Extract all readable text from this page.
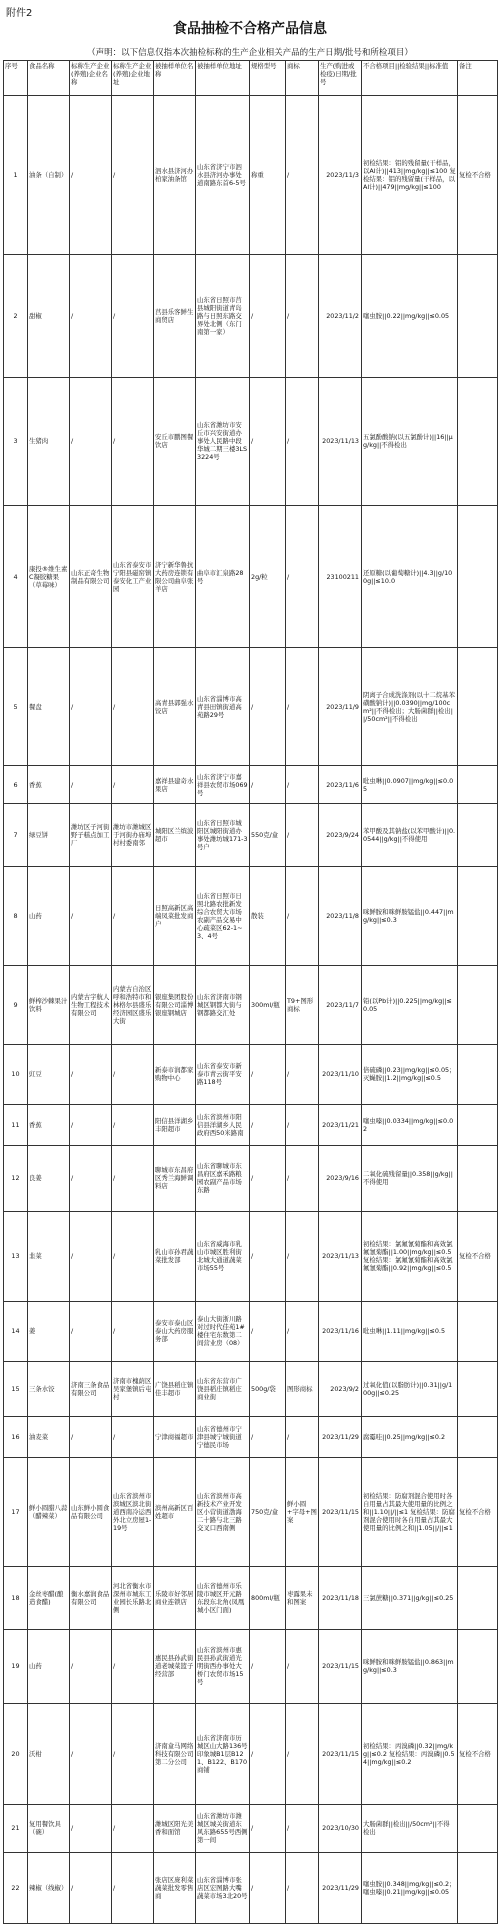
附件2
食品抽检不合格产品信息
（声明：以下信息仅指本次抽检标称的生产企业相关产品的生产日期/批号和所检项目）
序号	食品名称	标称生产企业(养殖)企业名称	标称生产企业(养殖)企业地址	被抽样单位名称	被抽样单位地址	规格型号	商标	生产(购进或检疫)日期/批号	不合格项目||检验结果||标准值	备注
1	油条（自制）	/	/	泗水县济河办柏家油条馆	山东省济宁市泗水县济河办事处道南路东首6-5号	称重	/	2023/11/3	初检结果：铝的残留量(干样品，以Al计)||413||mg/kg||≤100 复检结果：铝的残留量(干样品，以Al计)||479||mg/kg||≤100	复检不合格
2	甜椒	/	/	莒县乐客鲜生商贸店	山东省日照市莒县城阳街道青岛路与日照东路交界处北侧（东门南第一家）	/	/	2023/11/2	噻虫胺||0.22||mg/kg||≤0.05	
3	生猪肉	/	/	安丘市鹏图餐饮店	山东省潍坊市安丘市兴安街道办事处人民路中段华城二期三楼3LS3224号	/	/	2023/11/13	五氯酚酸钠(以五氯酚计)||16||μg/kg||不得检出	
4	康投®维生素C凝胶糖果（草莓味）	山东正奇生物制品有限公司	山东省泰安市宁阳县磁窑镇泰安化工产业园	济宁新华鲁抗大药房连锁有限公司曲阜张羊店	曲阜市汇泉路28号	2g/粒	/	23100211	还原糖(以葡萄糖计)||4.3||g/100g||≤10.0	
5	餐盘	/	/	高青县郭强水饺店	山东省淄博市高青县田镇街道高苑路29号	/	/	2023/11/9	阴离子合成洗涤剂(以十二烷基苯磺酸钠计)||0.0390||mg/100cm²||不得检出；大肠菌群||检出||/50cm²||不得检出	
6	香蕉	/	/	嘉祥县建奇水果店	山东省济宁市嘉祥县农贸市场069号	/	/	2023/11/6	吡虫啉||0.0907||mg/kg||≤0.05	
7	绿豆饼	潍坊区子河街野子糕点加工厂	潍坊市潍城区于河街办庙埠村村委南邻	城阳区兰缤波超市	山东省日照市城阳区城阳街道办事处潍坊城171-3号户	550克/盒	/	2023/9/24	苯甲酸及其钠盐(以苯甲酸计)||0.0544||g/kg||不得使用	
8	山药	/	/	日照高新区高端凤菜批发商户	山东省日照市日照北路农批新发综合农贸大市场农副产品交易中心疏菜区62-1~3、4号	散装	/	2023/11/8	咪鲜胺和咪鲜胺锰盐||0.447||mg/kg||≤0.3	
9	鲜榨沙棘果汁饮料	内蒙古宇航人生物工程技术有限公司	内蒙古自治区呼和浩特市和林格尔县盛乐经济园区盛乐大街	银座集团股份有限公司淄博银座钢城店	山东省济南市钢城区钢都大街与钢都路交汇处	300ml/瓶	T9+图形商标	2023/11/7	铅(以Pb计)||0.225||mg/kg||≤0.05	
10	豇豆	/	/	新泰市润都家购物中心	山东省泰安市新泰市青云街平安路118号	/	/	2023/11/10	倍硫磷||0.23||mg/kg||≤0.05；灭蝇胺||1.2||mg/kg||≤0.5	
11	香蕉	/	/	阳信县洋湖乡丰阳超市	山东省滨州市阳信县洋湖乡人民政府西50米路南	/	/	2023/11/21	噻虫嗪||0.0334||mg/kg||≤0.02	
12	良姜	/	/	聊城市东昌府区秀兰海鲜调料店	山东省聊城市东昌府区嘉禾路粮园农副产品市场东路	/	/	2023/9/16	二氧化硫残留量||0.358||g/kg||不得使用	
13	韭菜	/	/	乳山市孙君蔬菜批发部	山东省威海市乳山市城区胜利街北城大通道蔬菜市场55号	/	/	2023/11/13	初检结果：氯氟氰菊酯和高效氯氟氰菊酯||1.00||mg/kg||≤0.5 复检结果：氯氟氰菊酯和高效氯氟氰菊酯||0.92||mg/kg||≤0.5	复检不合格
14	姜	/	/	泰安市泰山区泰山大药房服务部	泰山大街浙川路对过时代佳苑1#楼住宅东数第二间营业房（08）	/	/	2023/11/16	吡虫啉||1.11||mg/kg||≤0.5	
15	三条水饺	济南三条食品有限公司	济南市槐荫区吴家堡镇后屯村	广饶县稻庄镇佳丰超市	山东省东营市广饶县稻庄镇稻庄商业街	500g/袋	图形商标	2023/9/2	过氧化值(以脂肪计)||0.31||g/100g||≤0.25	
16	油麦菜	/	/	宁津商福超市	山东省德州市宁津县城宁城街道宁德民市场	/	/	2023/11/29	腐霉哇||0.25||mg/kg||≤0.2	
17	鲜小圆腊八蒜（醋辣菜）	山东鲜小圆食品有限公司	山东省滨州市滨城区滨北街道西南冷运西外北立房屋1-19号	滨州高新区百姓超市	山东省滨州市高新技术产业开发区小营街道渤海二十路与北三路交叉口西南侧	750克/盒	鲜小圆+字母+图案	2023/11/15	初检结果：防腐剂混合使用时各自用量占其最大使用量的比例之和||1.10||/||≤1 复检结果：防腐剂混合使用时各自用量占其最大使用量的比例之和||1.05||/||≤1	复检不合格
18	金丝枣醋(酿造食醋)	衡水嘉润食品有限公司	河北省衡水市深州市城东工业园长乐路北侧	乐陵市好邻居商业连锁店	山东省德州市乐陵市城区开元路东段东北角(凤凰城小区门面)	800ml/瓶	枣露果未和图案	2023/11/18	三氯蔗糖||0.371||g/kg||≤0.25	
19	山药	/	/	惠民县孙武街道老城菜篮子经营部	山东省滨州市惠民县孙武街道光明街西办事处大桥门农贸市场15号	/	/	2023/11/15	咪鲜胺和咪鲜胺锰盐||0.863||mg/kg||≤0.3	
20	沃柑	/	/	济南盒马网络科技有限公司第二分公司	山东省济南市历城区山大路136号印象城B1层B121、B122、B170商铺	/	/	2023/11/15	初检结果：丙溴磷||0.32||mg/kg||≤0.2 复检结果：丙溴磷||0.54||mg/kg||≤0.2	复检不合格
21	复用餐饮具（碗）	/	/	潍城区阳光美香和面馆	山东省潍坊市潍城区城关街道东风东路655号西侧第一间	/	/	2023/10/30	大肠菌群||检出||/50cm²||不得检出	
22	辣椒（线椒）	/	/	张店区庞利菜蔬菜批发零售商	山东省淄博市张店区宏图路大嘴蔬菜市场3北20号	/	/	2023/11/29	噻虫胺||0.348||mg/kg||≤0.2；噻虫嗪||0.21||mg/kg||≤0.05	
